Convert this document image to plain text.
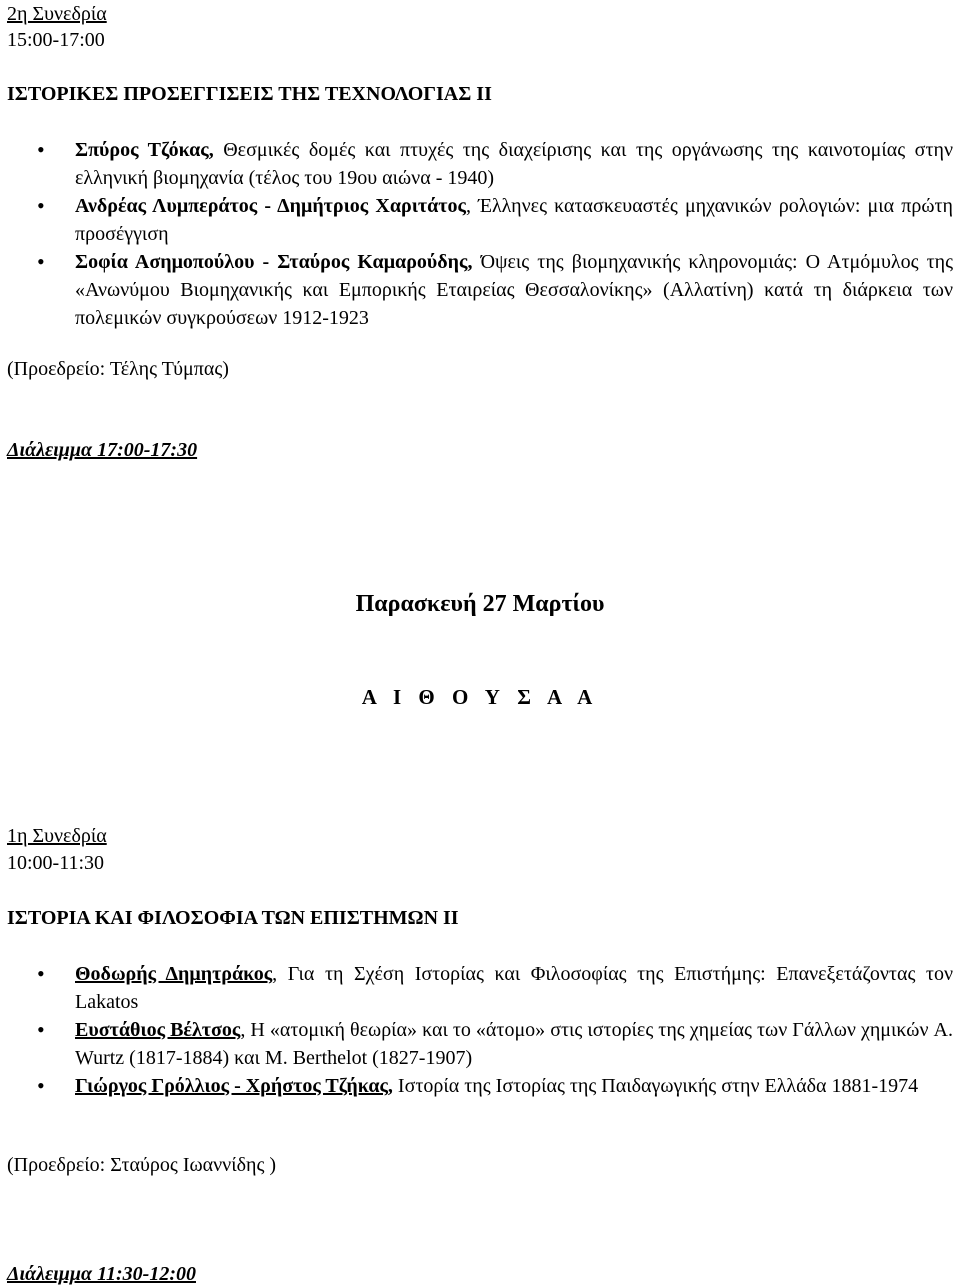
2η Συνεδρία
15:00-17:00
ΙΣΤΟΡΙΚΕΣ ΠΡΟΣΕΓΓΙΣΕΙΣ ΤΗΣ ΤΕΧΝΟΛΟΓΙΑΣ ΙΙ
• Σπύρος Τζόκας, Θεσμικές δομές και πτυχές της διαχείρισης και της οργάνωσης της καινοτομίας στην ελληνική βιομηχανία (τέλος του 19ου αιώνα - 1940)
• Ανδρέας Λυμπεράτος - Δημήτριος Χαριτάτος, Έλληνες κατασκευαστές μηχανικών ρολογιών: μια πρώτη προσέγγιση
• Σοφία Ασημοπούλου - Σταύρος Καμαρούδης, Όψεις της βιομηχανικής κληρονομιάς: Ο Ατμόμυλος της «Ανωνύμου Βιομηχανικής και Εμπορικής Εταιρείας Θεσσαλονίκης» (Αλλατίνη) κατά τη διάρκεια των πολεμικών συγκρούσεων 1912-1923
(Προεδρείο: Τέλης Τύμπας)
Διάλειμμα 17:00-17:30
Παρασκευή 27 Μαρτίου
Α Ι Θ Ο Υ Σ Α Α
1η Συνεδρία
10:00-11:30
ΙΣΤΟΡΙΑ ΚΑΙ ΦΙΛΟΣΟΦΙΑ ΤΩΝ ΕΠΙΣΤΗΜΩΝ ΙΙ
• Θοδωρής Δημητράκος, Για τη Σχέση Ιστορίας και Φιλοσοφίας της Επιστήμης: Επανεξετάζοντας τον Lakatos
• Ευστάθιος Βέλτσος, Η «ατομική θεωρία» και το «άτομο» στις ιστορίες της χημείας των Γάλλων χημικών A. Wurtz (1817-1884) και M. Berthelot (1827-1907)
• Γιώργος Γρόλλιος - Χρήστος Τζήκας, Ιστορία της Ιστορίας της Παιδαγωγικής στην Ελλάδα 1881-1974
(Προεδρείο: Σταύρος Ιωαννίδης )
Διάλειμμα 11:30-12:00
